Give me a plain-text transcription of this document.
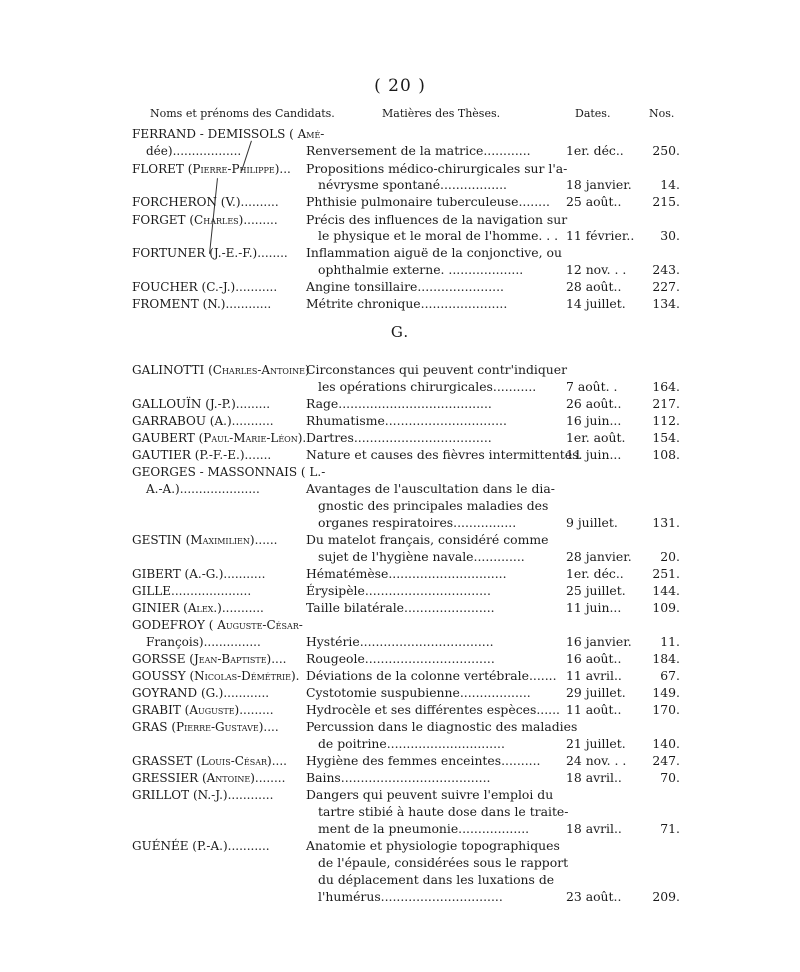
( 20 )
Noms et prénoms des Candidats.	Matières des Thèses.	Dates.	Nos.
G.
FERRAND - DEMISSOLS ( Amé-
dée)..................	Renversement de la matrice............	1er. déc..	250.
FLORET (Pierre-Philippe)...	Propositions médico-chirurgicales sur l'a-
névrysme spontané.................	18 janvier.	14.
FORCHERON (V.)..........	Phthisie pulmonaire tuberculeuse........	25 août..	215.
FORGET (Charles).........	Précis des influences de la navigation sur
le physique et le moral de l'homme. . . 11 février..	30.
FORTUNER (J.-E.-F.)........	Inflammation aiguë de la conjonctive, ou
ophthalmie externe. ...................	12 nov. . .	243.
FOUCHER (C.-J.)...........	Angine tonsillaire......................	28 août..	227.
FROMENT (N.)............	Métrite chronique......................	14 juillet.	134.
GALINOTTI (Charles-Antoine)
Circonstances qui peuvent contr'indiquer
les opérations chirurgicales...........	7 août. .	164.
GALLOUÏN (J.-P.).........	Rage.......................................	26 août..	217.
GARRABOU (A.)...........	Rhumatisme...............................	16 juin...	112.
GAUBERT (Paul-Marie-Léon). Dartres...................................	1er. août.	154.
GAUTIER (P.-F.-E.).......	Nature et causes des fièvres intermittentes.
11 juin...	108.
GEORGES - MASSONNAIS ( L.-
A.-A.).....................	Avantages de l'auscultation dans le dia-
gnostic des principales maladies des
organes respiratoires................	9 juillet.	131.
GESTIN (Maximilien)......	Du matelot français, considéré comme
sujet de l'hygiène navale.............	28 janvier.	20.
GIBERT (A.-G.)...........	Hématémèse..............................	1er. déc..	251.
GILLE.....................	Érysipèle................................	25 juillet.	144.
GINIER (Alex.)...........	Taille bilatérale.......................	11 juin...	109.
GODEFROY ( Auguste-César-
François)...............	Hystérie..................................	16 janvier.	11.
GORSSE (Jean-Baptiste)....	Rougeole.................................	16 août..	184.
GOUSSY (Nicolas-Démétrie). Déviations de la colonne vertébrale....... 11 avril..	67.
GOYRAND (G.)............	Cystotomie suspubienne..................	29 juillet.	149.
GRABIT (Auguste).........	Hydrocèle et ses différentes espèces...... 11 août..	170.
GRAS (Pierre-Gustave)....	Percussion dans le diagnostic des maladies
de poitrine..............................	21 juillet.	140.
GRASSET (Louis-César)....	Hygiène des femmes enceintes..........	24 nov. . .	247.
GRESSIER (Antoine)........	Bains......................................	18 avril..	70.
GRILLOT (N.-J.)............	Dangers qui peuvent suivre l'emploi du
tartre stibié à haute dose dans le traite-
ment de la pneumonie..................	18 avril..	71.
GUÉNÉE (P.-A.)...........	Anatomie et physiologie topographiques
de l'épaule, considérées sous le rapport
du déplacement dans les luxations de
l'humérus...............................	23 août..	209.
